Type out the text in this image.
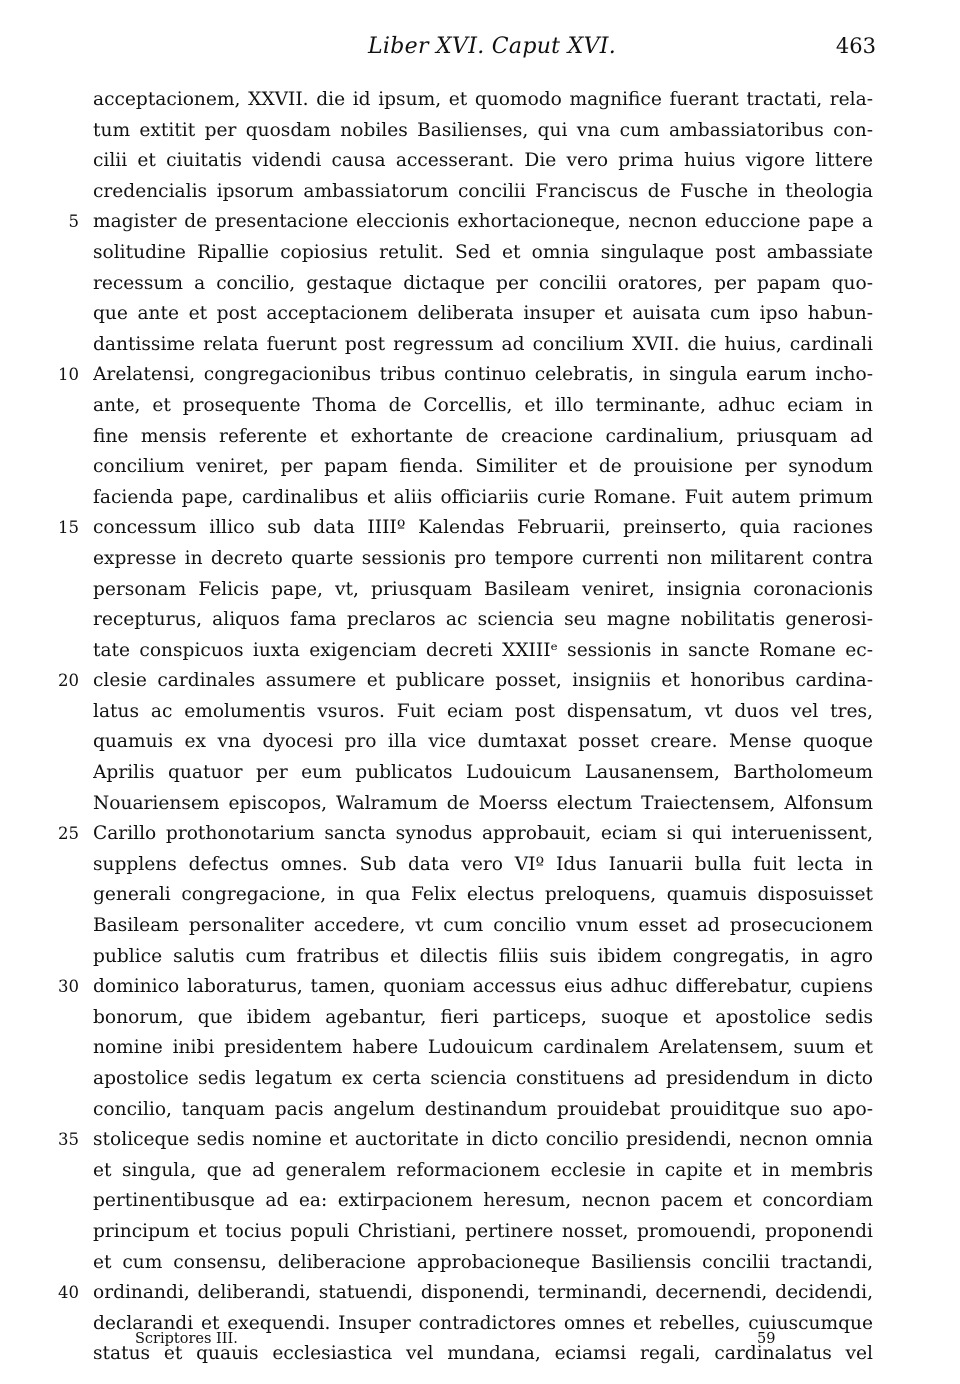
Liber XVI. Caput XVI.	463
acceptacionem, XXVII. die id ipsum, et quomodo magnifice fuerant tractati, rela-
tum extitit per quosdam nobiles Basilienses, qui vna cum ambassiatoribus con-
cilii et ciuitatis videndi causa accesserant. Die vero prima huius vigore littere
credencialis ipsorum ambassiatorum concilii Franciscus de Fusche in theologia
5 magister de presentacione eleccionis exhortacioneque, necnon educcione pape a
solitudine Ripallie copiosius retulit. Sed et omnia singulaque post ambassiate
recessum a concilio, gestaque dictaque per concilii oratores, per papam quo-
que ante et post acceptacionem deliberata insuper et auisata cum ipso habun-
dantissime relata fuerunt post regressum ad concilium XVII. die huius, cardinali
10 Arelatensi, congregacionibus tribus continuo celebratis, in singula earum incho-
ante, et prosequente Thoma de Corcellis, et illo terminante, adhuc eciam in
fine mensis referente et exhortante de creacione cardinalium, priusquam ad
concilium veniret, per papam fienda. Similiter et de prouisione per synodum
facienda pape, cardinalibus et aliis officiariis curie Romane. Fuit autem primum
15 concessum illico sub data IIIIº Kalendas Februarii, preinserto, quia raciones
expresse in decreto quarte sessionis pro tempore currenti non militarent contra
personam Felicis pape, vt, priusquam Basileam veniret, insignia coronacionis
recepturus, aliquos fama preclaros ac sciencia seu magne nobilitatis generosi-
tate conspicuos iuxta exigenciam decreti XXIIIᵉ sessionis in sancte Romane ec-
20 clesie cardinales assumere et publicare posset, insigniis et honoribus cardina-
latus ac emolumentis vsuros. Fuit eciam post dispensatum, vt duos vel tres,
quamuis ex vna dyocesi pro illa vice dumtaxat posset creare. Mense quoque
Aprilis quatuor per eum publicatos Ludouicum Lausanensem, Bartholomeum
Nouariensem episcopos, Walramum de Moerss electum Traiectensem, Alfonsum
25 Carillo prothonotarium sancta synodus approbauit, eciam si qui interuenissent,
supplens defectus omnes. Sub data vero VIº Idus Ianuarii bulla fuit lecta in
generali congregacione, in qua Felix electus preloquens, quamuis disposuisset
Basileam personaliter accedere, vt cum concilio vnum esset ad prosecucionem
publice salutis cum fratribus et dilectis filiis suis ibidem congregatis, in agro
30 dominico laboraturus, tamen, quoniam accessus eius adhuc differebatur, cupiens
bonorum, que ibidem agebantur, fieri particeps, suoque et apostolice sedis
nomine inibi presidentem habere Ludouicum cardinalem Arelatensem, suum et
apostolice sedis legatum ex certa sciencia constituens ad presidendum in dicto
concilio, tanquam pacis angelum destinandum prouidebat prouiditque suo apo-
35 stoliceque sedis nomine et auctoritate in dicto concilio presidendi, necnon omnia
et singula, que ad generalem reformacionem ecclesie in capite et in membris
pertinentibusque ad ea: extirpacionem heresum, necnon pacem et concordiam
principum et tocius populi Christiani, pertinere nosset, promouendi, proponendi
et cum consensu, deliberacione approbacioneque Basiliensis concilii tractandi,
40 ordinandi, deliberandi, statuendi, disponendi, terminandi, decernendi, decidendi,
declarandi et exequendi. Insuper contradictores omnes et rebelles, cuiuscumque
status et quauis ecclesiastica vel mundana, eciamsi regali, cardinalatus vel
Scriptores III.	59
